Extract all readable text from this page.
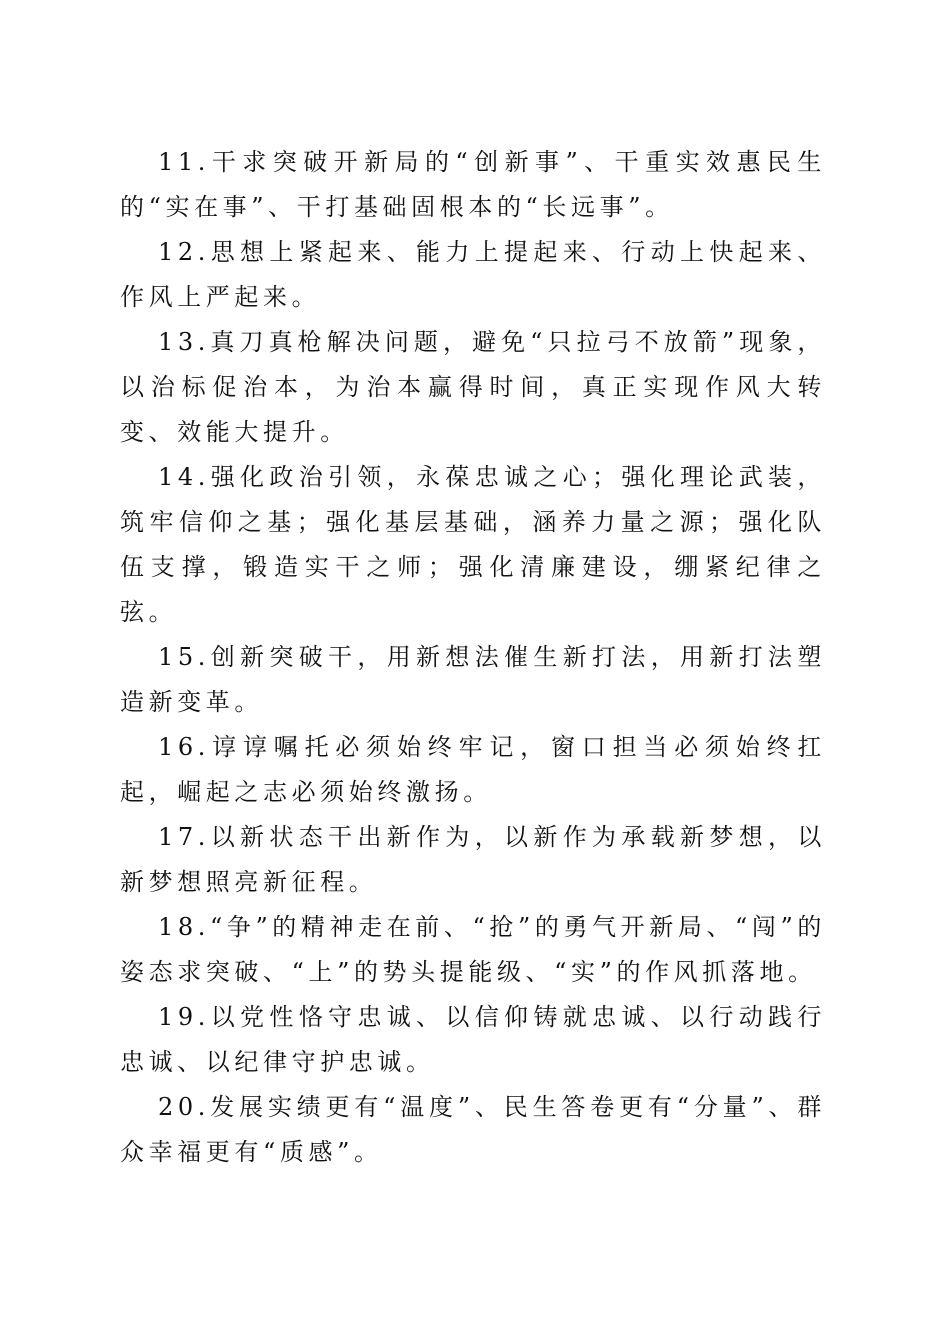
11.干求突破开新局的“创新事”、干重实效惠民生的“实在事”、干打基础固根本的“长远事”。

12.思想上紧起来、能力上提起来、行动上快起来、作风上严起来。

13.真刀真枪解决问题，避免“只拉弓不放箭”现象，以治标促治本，为治本赢得时间，真正实现作风大转变、效能大提升。

14.强化政治引领，永葆忠诚之心；强化理论武装，筑牢信仰之基；强化基层基础，涵养力量之源；强化队伍支撑，锻造实干之师；强化清廉建设，绷紧纪律之弦。

15.创新突破干，用新想法催生新打法，用新打法塑造新变革。

16.谆谆嘱托必须始终牢记，窗口担当必须始终扛起，崛起之志必须始终激扬。

17.以新状态干出新作为，以新作为承载新梦想，以新梦想照亮新征程。

18.“争”的精神走在前、“抢”的勇气开新局、“闯”的姿态求突破、“上”的势头提能级、“实”的作风抓落地。

19.以党性恪守忠诚、以信仰铸就忠诚、以行动践行忠诚、以纪律守护忠诚。

20.发展实绩更有“温度”、民生答卷更有“分量”、群众幸福更有“质感”。
